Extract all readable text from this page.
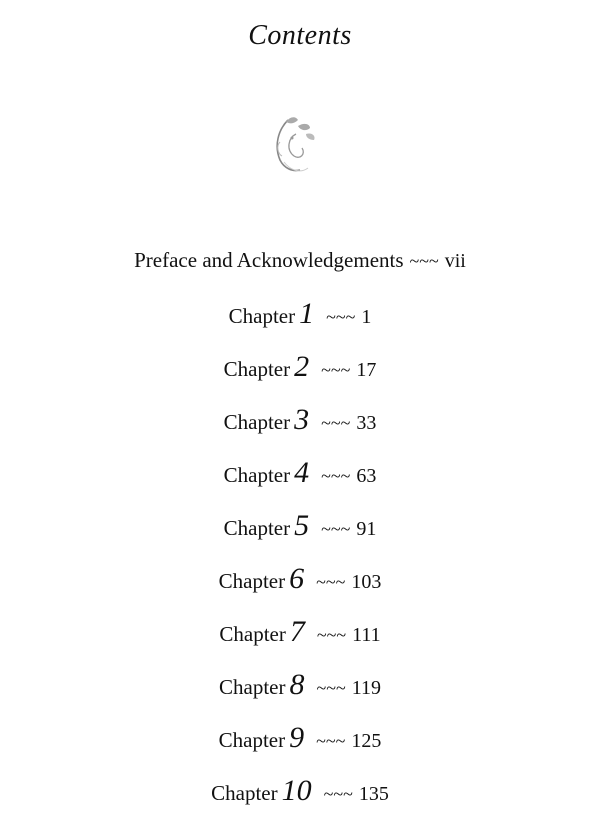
Contents
Preface and Acknowledgements ~~~ vii
Chapter 1 ~~~ 1
Chapter 2 ~~~ 17
Chapter 3 ~~~ 33
Chapter 4 ~~~ 63
Chapter 5 ~~~ 91
Chapter 6 ~~~ 103
Chapter 7 ~~~ 111
Chapter 8 ~~~ 119
Chapter 9 ~~~ 125
Chapter 10 ~~~ 135
